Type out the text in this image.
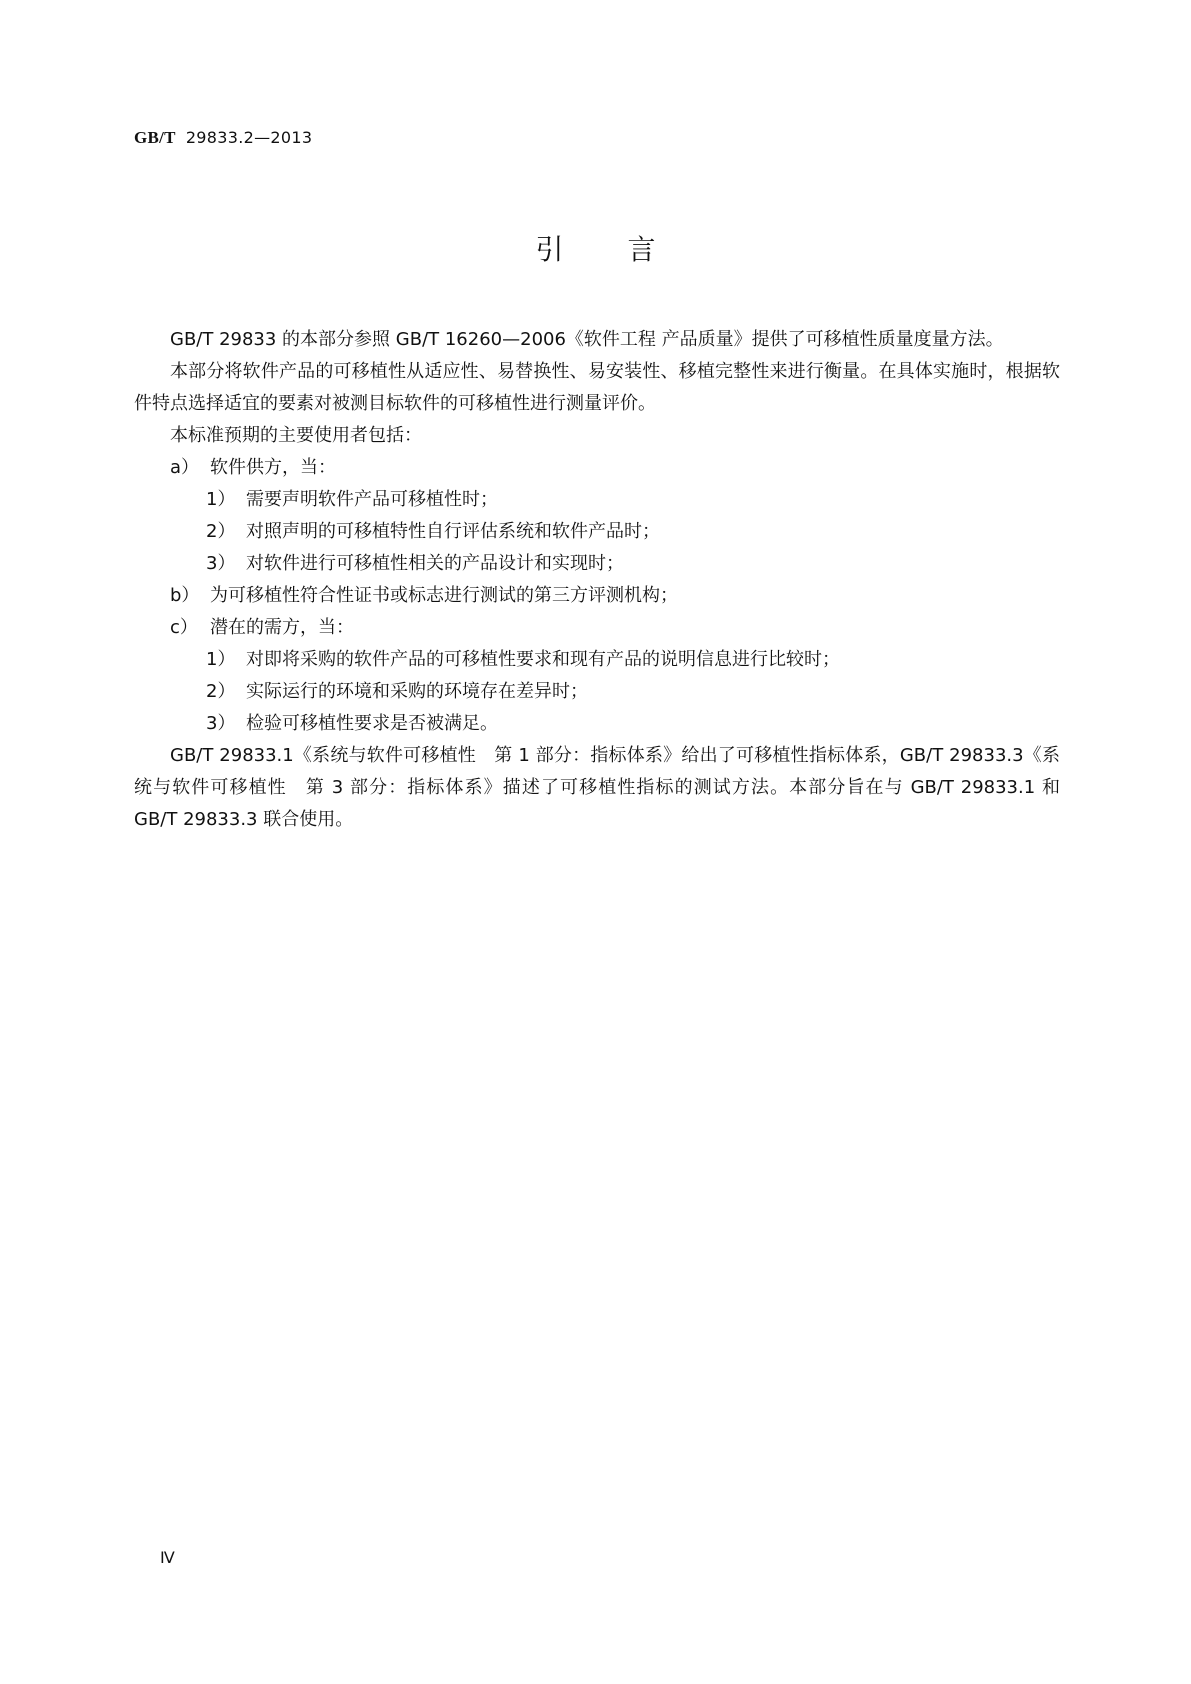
GB/T 29833.2—2013
引言

GB/T 29833 的本部分参照 GB/T 16260—2006《软件工程 产品质量》提供了可移植性质量度量方法。

本部分将软件产品的可移植性从适应性、易替换性、易安装性、移植完整性来进行衡量。在具体实施时，根据软件特点选择适宜的要素对被测目标软件的可移植性进行测量评价。

本标准预期的主要使用者包括：

a） 软件供方，当：

1） 需要声明软件产品可移植性时；

2） 对照声明的可移植特性自行评估系统和软件产品时；

3） 对软件进行可移植性相关的产品设计和实现时；

b） 为可移植性符合性证书或标志进行测试的第三方评测机构；

c） 潜在的需方，当：

1） 对即将采购的软件产品的可移植性要求和现有产品的说明信息进行比较时；

2） 实际运行的环境和采购的环境存在差异时；

3） 检验可移植性要求是否被满足。

GB/T 29833.1《系统与软件可移植性　第 1 部分：指标体系》给出了可移植性指标体系，GB/T 29833.3《系统与软件可移植性　第 3 部分：指标体系》描述了可移植性指标的测试方法。本部分旨在与 GB/T 29833.1 和 GB/T 29833.3 联合使用。

Ⅳ
